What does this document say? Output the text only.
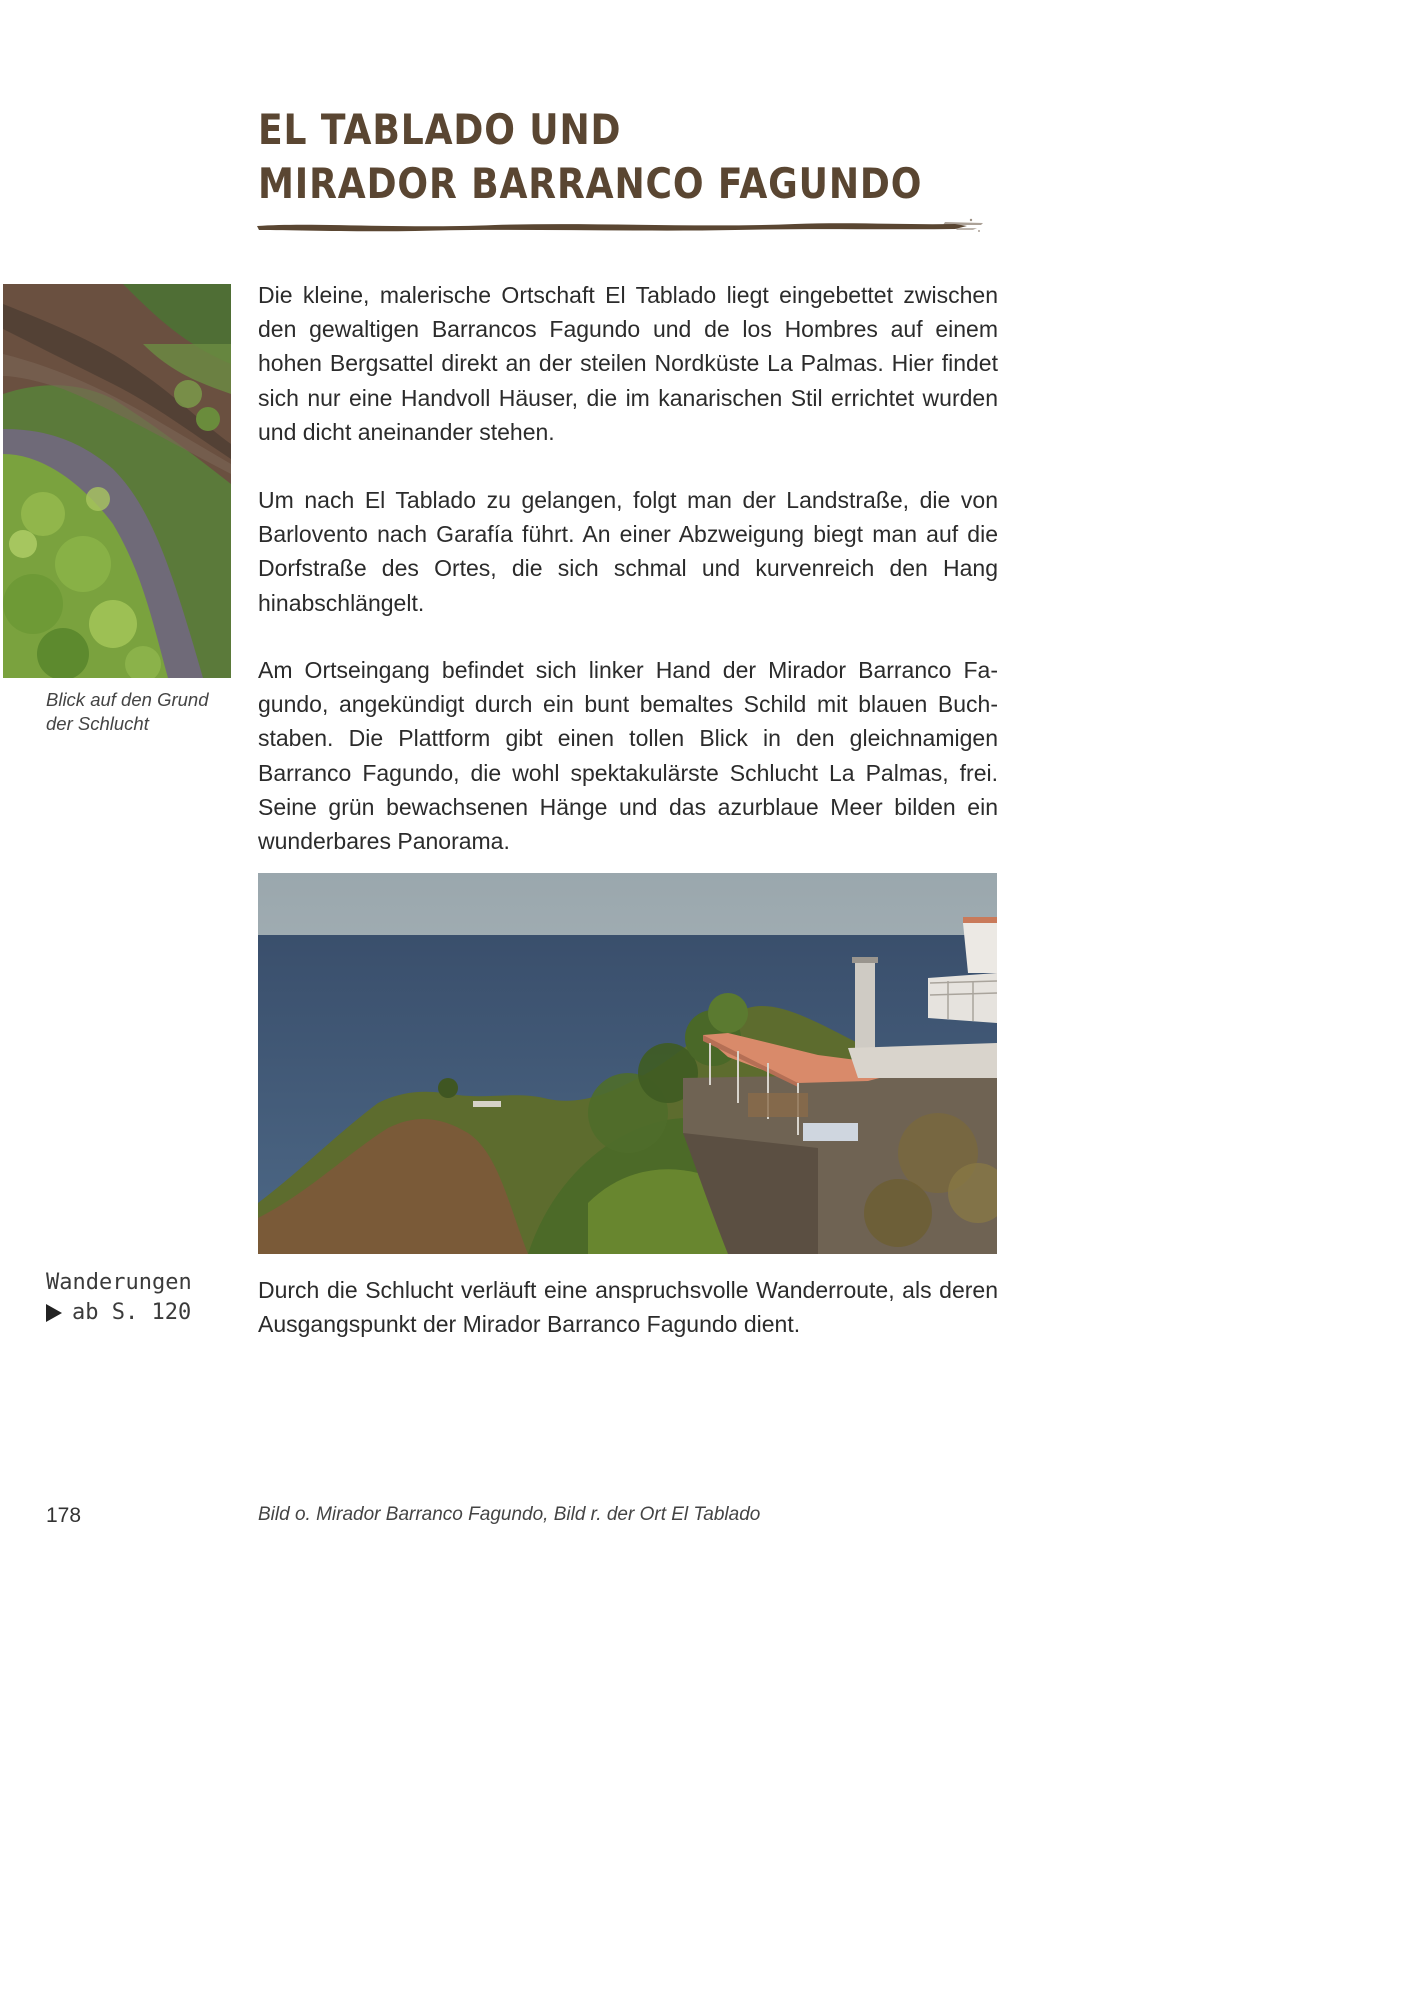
EL TABLADO UND
MIRADOR BARRANCO FAGUNDO
Blick auf den Grund der Schlucht
Die kleine, malerische Ortschaft El Tablado liegt eingebettet zwischen den gewaltigen Barrancos Fagundo und de los Hombres auf einem hohen Bergsattel direkt an der steilen Nordküste La Palmas. Hier findet sich nur eine Handvoll Häuser, die im kanarischen Stil errichtet wurden und dicht aneinander stehen.
Um nach El Tablado zu gelangen, folgt man der Landstraße, die von Barlovento nach Garafía führt. An einer Abzweigung biegt man auf die Dorfstraße des Ortes, die sich schmal und kurvenreich den Hang hinabschlängelt.
Am Ortseingang befindet sich linker Hand der Mirador Barranco Fagundo, angekündigt durch ein bunt bemaltes Schild mit blauen Buchstaben. Die Plattform gibt einen tollen Blick in den gleichnamigen Barranco Fagundo, die wohl spektakulärste Schlucht La Palmas, frei. Seine grün bewachsenen Hänge und das azurblaue Meer bilden ein wunderbares Panorama.
Wanderungen
ab S. 120
Durch die Schlucht verläuft eine anspruchsvolle Wanderroute, als deren Ausgangspunkt der Mirador Barranco Fagundo dient.
178	Bild o. Mirador Barranco Fagundo, Bild r. der Ort El Tablado
